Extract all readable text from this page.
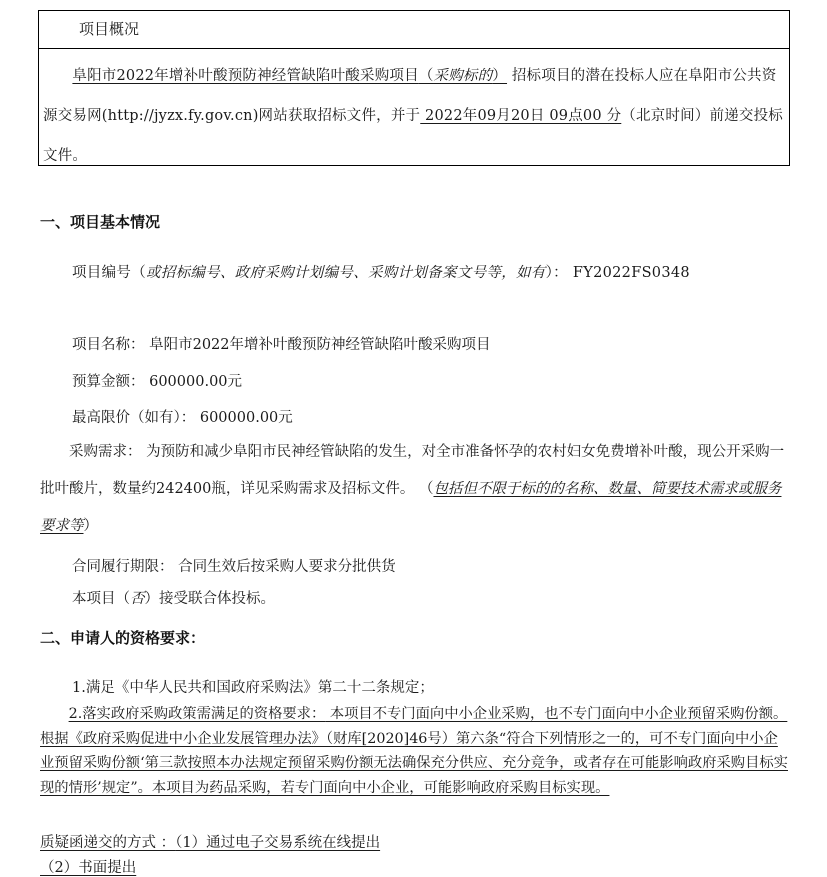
项目概况
　　阜阳市2022年增补叶酸预防神经管缺陷叶酸采购项目（采购标的） 招标项目的潜在投标人应在阜阳市公共资源交易网(http://jyzx.fy.gov.cn)网站获取招标文件，并于 2022年09月20日 09点00 分（北京时间）前递交投标文件。
一、项目基本情况
项目编号（或招标编号、政府采购计划编号、采购计划备案文号等，如有）： FY2022FS0348
项目名称： 阜阳市2022年增补叶酸预防神经管缺陷叶酸采购项目
预算金额： 600000.00元
最高限价（如有）： 600000.00元
　　采购需求： 为预防和减少阜阳市民神经管缺陷的发生，对全市准备怀孕的农村妇女免费增补叶酸，现公开采购一批叶酸片，数量约242400瓶，详见采购需求及招标文件。 （包括但不限于标的的名称、数量、简要技术需求或服务要求等）
合同履行期限： 合同生效后按采购人要求分批供货
本项目（否）接受联合体投标。
二、申请人的资格要求：
1.满足《中华人民共和国政府采购法》第二十二条规定；
　　2.落实政府采购政策需满足的资格要求： 本项目不专门面向中小企业采购，也不专门面向中小企业预留采购份额。根据《政府采购促进中小企业发展管理办法》（财库[2020]46号）第六条“符合下列情形之一的，可不专门面向中小企业预留采购份额‘第三款按照本办法规定预留采购份额无法确保充分供应、充分竞争，或者存在可能影响政府采购目标实现的情形’规定”。本项目为药品采购，若专门面向中小企业，可能影响政府采购目标实现。
质疑函递交的方式 ：（1）通过电子交易系统在线提出
（2）书面提出
